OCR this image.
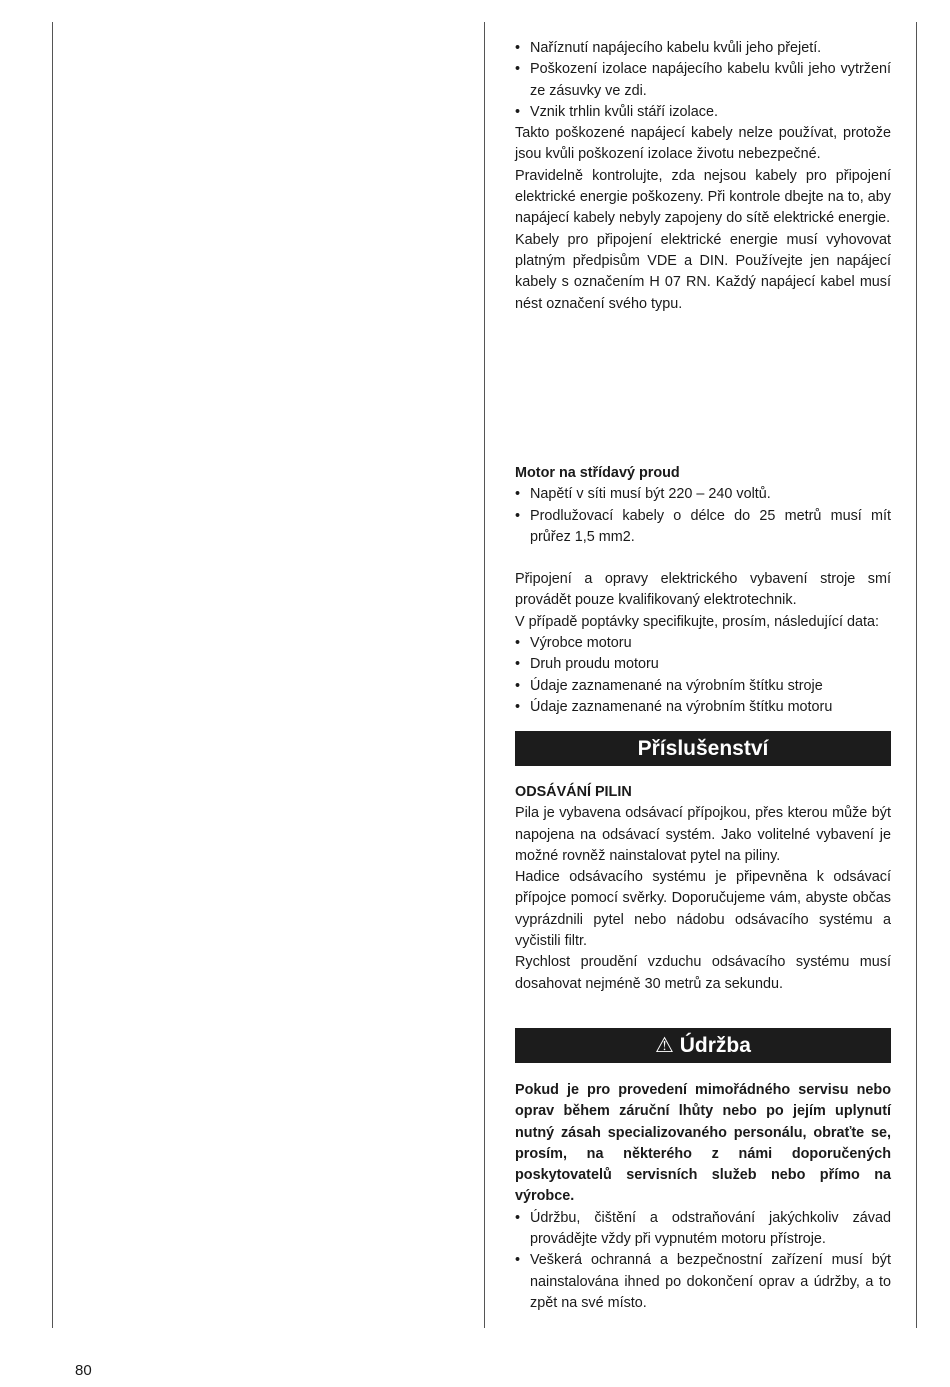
• Naříznutí napájecího kabelu kvůli jeho přejetí.

• Poškození izolace napájecího kabelu kvůli jeho vytržení ze zásuvky ve zdi.

• Vznik trhlin kvůli stáří izolace.

Takto poškozené napájecí kabely nelze používat, protože jsou kvůli poškození izolace životu nebezpečné.

Pravidelně kontrolujte, zda nejsou kabely pro připojení elektrické energie poškozeny. Při kontrole dbejte na to, aby napájecí kabely nebyly zapojeny do sítě elektrické energie.

Kabely pro připojení elektrické energie musí vyhovovat platným předpisům VDE a DIN. Používejte jen napájecí kabely s označením H 07 RN. Každý napájecí kabel musí nést označení svého typu.

Motor na střídavý proud

• Napětí v síti musí být 220 – 240 voltů.

• Prodlužovací kabely o délce do 25 metrů musí mít průřez 1,5 mm2.

Připojení a opravy elektrického vybavení stroje smí provádět pouze kvalifikovaný elektrotechnik.

V případě poptávky specifikujte, prosím, následující data:

• Výrobce motoru

• Druh proudu motoru

• Údaje zaznamenané na výrobním štítku stroje

• Údaje zaznamenané na výrobním štítku motoru

Příslušenství

ODSÁVÁNÍ PILIN

Pila je vybavena odsávací přípojkou, přes kterou může být napojena na odsávací systém. Jako volitelné vybavení je možné rovněž nainstalovat pytel na piliny.

Hadice odsávacího systému je připevněna k odsávací přípojce pomocí svěrky. Doporučujeme vám, abyste občas vyprázdnili pytel nebo nádobu odsávacího systému a vyčistili filtr.

Rychlost proudění vzduchu odsávacího systému musí dosahovat nejméně 30 metrů za sekundu.

⚠ Údržba

Pokud je pro provedení mimořádného servisu nebo oprav během záruční lhůty nebo po jejím uplynutí nutný zásah specializovaného personálu, obraťte se, prosím, na některého z námi doporučených poskytovatelů servisních služeb nebo přímo na výrobce.

• Údržbu, čištění a odstraňování jakýchkoliv závad provádějte vždy při vypnutém motoru přístroje.

• Veškerá ochranná a bezpečnostní zařízení musí být nainstalována ihned po dokončení oprav a údržby, a to zpět na své místo.

80
